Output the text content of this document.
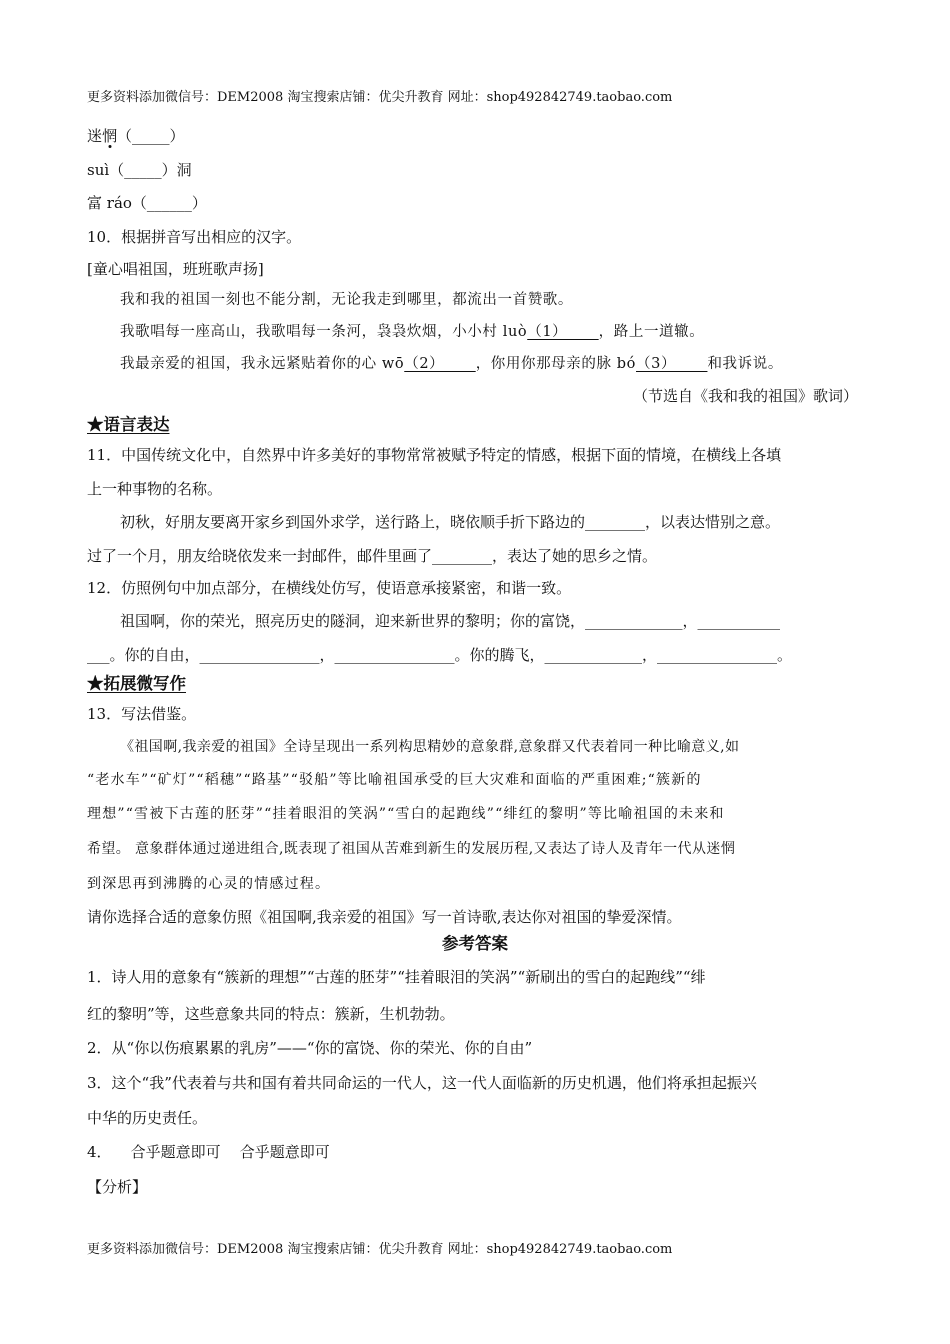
更多资料添加微信号：DEM2008 淘宝搜索店铺：优尖升教育 网址：shop492842749.taobao.com
迷惘（_____）
suì（_____）洞
富 ráo（______）
10．根据拼音写出相应的汉字。
[童心唱祖国，班班歌声扬]
我和我的祖国一刻也不能分割，无论我走到哪里，都流出一首赞歌。
我歌唱每一座高山，我歌唱每一条河，袅袅炊烟，小小村 luò（1）____，路上一道辙。
我最亲爱的祖国，我永远紧贴着你的心 wō（2）____，你用你那母亲的脉 bó（3）____和我诉说。
（节选自《我和我的祖国》歌词）
★语言表达
11．中国传统文化中，自然界中许多美好的事物常常被赋予特定的情感，根据下面的情境，在横线上各填
上一种事物的名称。
初秋，好朋友要离开家乡到国外求学，送行路上，晓依顺手折下路边的________，以表达惜别之意。
过了一个月，朋友给晓依发来一封邮件，邮件里画了________，表达了她的思乡之情。
12．仿照例句中加点部分，在横线处仿写，使语意承接紧密，和谐一致。
祖国啊，你的荣光，照亮历史的隧洞，迎来新世界的黎明；你的富饶，_____________，___________
___。你的自由，________________，________________。你的腾飞，_____________，________________。
★拓展微写作
13．写法借鉴。
《祖国啊,我亲爱的祖国》全诗呈现出一系列构思精妙的意象群,意象群又代表着同一种比喻意义,如
“老水车”“矿灯”“稻穗”“路基”“驳船”等比喻祖国承受的巨大灾难和面临的严重困难;“簇新的
理想”“雪被下古莲的胚芽”“挂着眼泪的笑涡”“雪白的起跑线”“绯红的黎明”等比喻祖国的未来和
希望。 意象群体通过递进组合,既表现了祖国从苦难到新生的发展历程,又表达了诗人及青年一代从迷惘
到深思再到沸腾的心灵的情感过程。
请你选择合适的意象仿照《祖国啊,我亲爱的祖国》写一首诗歌,表达你对祖国的挚爱深情。
参考答案
1．诗人用的意象有“簇新的理想”“古莲的胚芽”“挂着眼泪的笑涡”“新刷出的雪白的起跑线”“绯
红的黎明”等，这些意象共同的特点：簇新，生机勃勃。
2．从“你以伤痕累累的乳房”——“你的富饶、你的荣光、你的自由”
3．这个“我”代表着与共和国有着共同命运的一代人，这一代人面临新的历史机遇，他们将承担起振兴
中华的历史责任。
4．    合乎题意即可    合乎题意即可
【分析】
更多资料添加微信号：DEM2008 淘宝搜索店铺：优尖升教育 网址：shop492842749.taobao.com
